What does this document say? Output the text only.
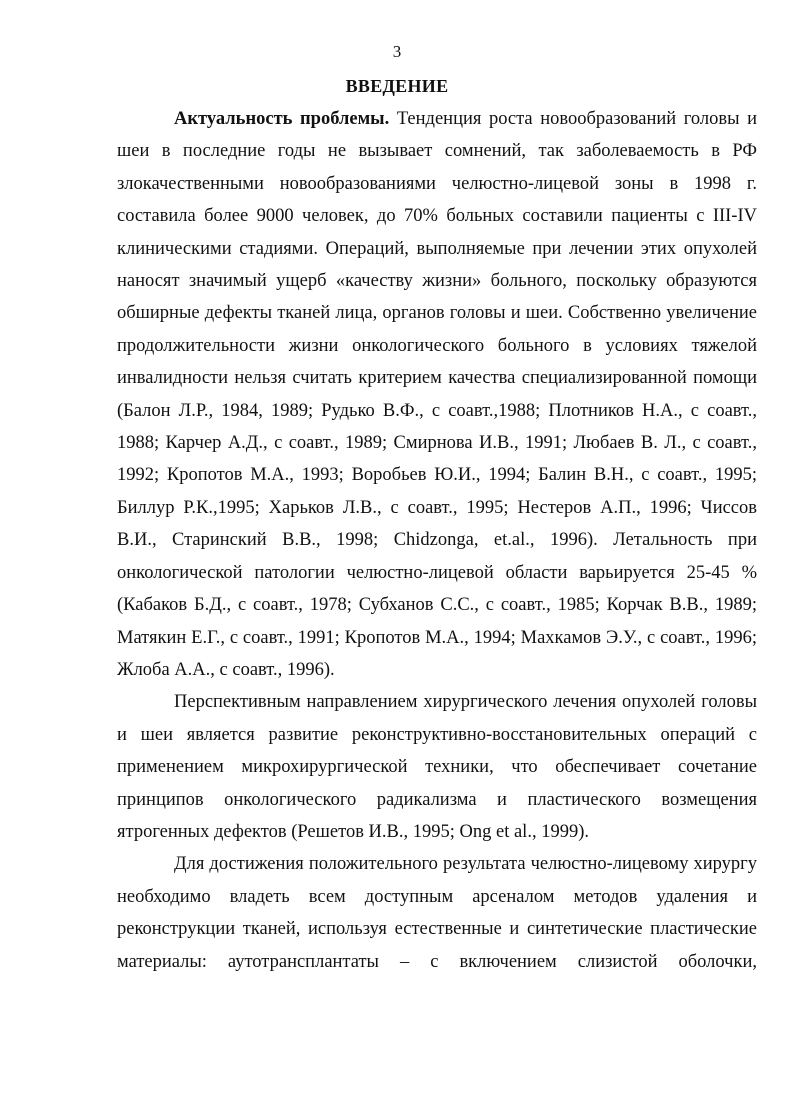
3
ВВЕДЕНИЕ

Актуальность проблемы. Тенденция роста новообразований головы и шеи в последние годы не вызывает сомнений, так заболеваемость в РФ злокачественными новообразованиями челюстно-лицевой зоны в 1998 г. составила более 9000 человек, до 70% больных составили пациенты с III-IV клиническими стадиями. Операций, выполняемые при лечении этих опухолей наносят значимый ущерб «качеству жизни» больного, поскольку образуются обширные дефекты тканей лица, органов головы и шеи. Собственно увеличение продолжительности жизни онкологического больного в условиях тяжелой инвалидности нельзя считать критерием качества специализированной помощи (Балон Л.Р., 1984, 1989; Рудько В.Ф., с соавт.,1988; Плотников Н.А., с соавт., 1988; Карчер А.Д., с соавт., 1989; Смирнова И.В., 1991; Любаев В. Л., с соавт., 1992; Кропотов М.А., 1993; Воробьев Ю.И., 1994; Балин В.Н., с соавт., 1995; Биллур Р.К.,1995; Харьков Л.В., с соавт., 1995; Нестеров А.П., 1996; Чиссов В.И., Старинский В.В., 1998; Chidzonga, et.al., 1996). Летальность при онкологической патологии челюстно-лицевой области варьируется 25-45 % (Кабаков Б.Д., с соавт., 1978; Субханов С.С., с соавт., 1985; Корчак В.В., 1989; Матякин Е.Г., с соавт., 1991; Кропотов М.А., 1994; Махкамов Э.У., с соавт., 1996; Жлоба А.А., с соавт., 1996).

Перспективным направлением хирургического лечения опухолей головы и шеи является развитие реконструктивно-восстановительных операций с применением микрохирургической техники, что обеспечивает сочетание принципов онкологического радикализма и пластического возмещения ятрогенных дефектов (Решетов И.В., 1995; Ong et al., 1999).

Для достижения положительного результата челюстно-лицевому хирургу необходимо владеть всем доступным арсеналом методов удаления и реконструкции тканей, используя естественные и синтетические пластические материалы: аутотрансплантаты – с включением слизистой оболочки,
